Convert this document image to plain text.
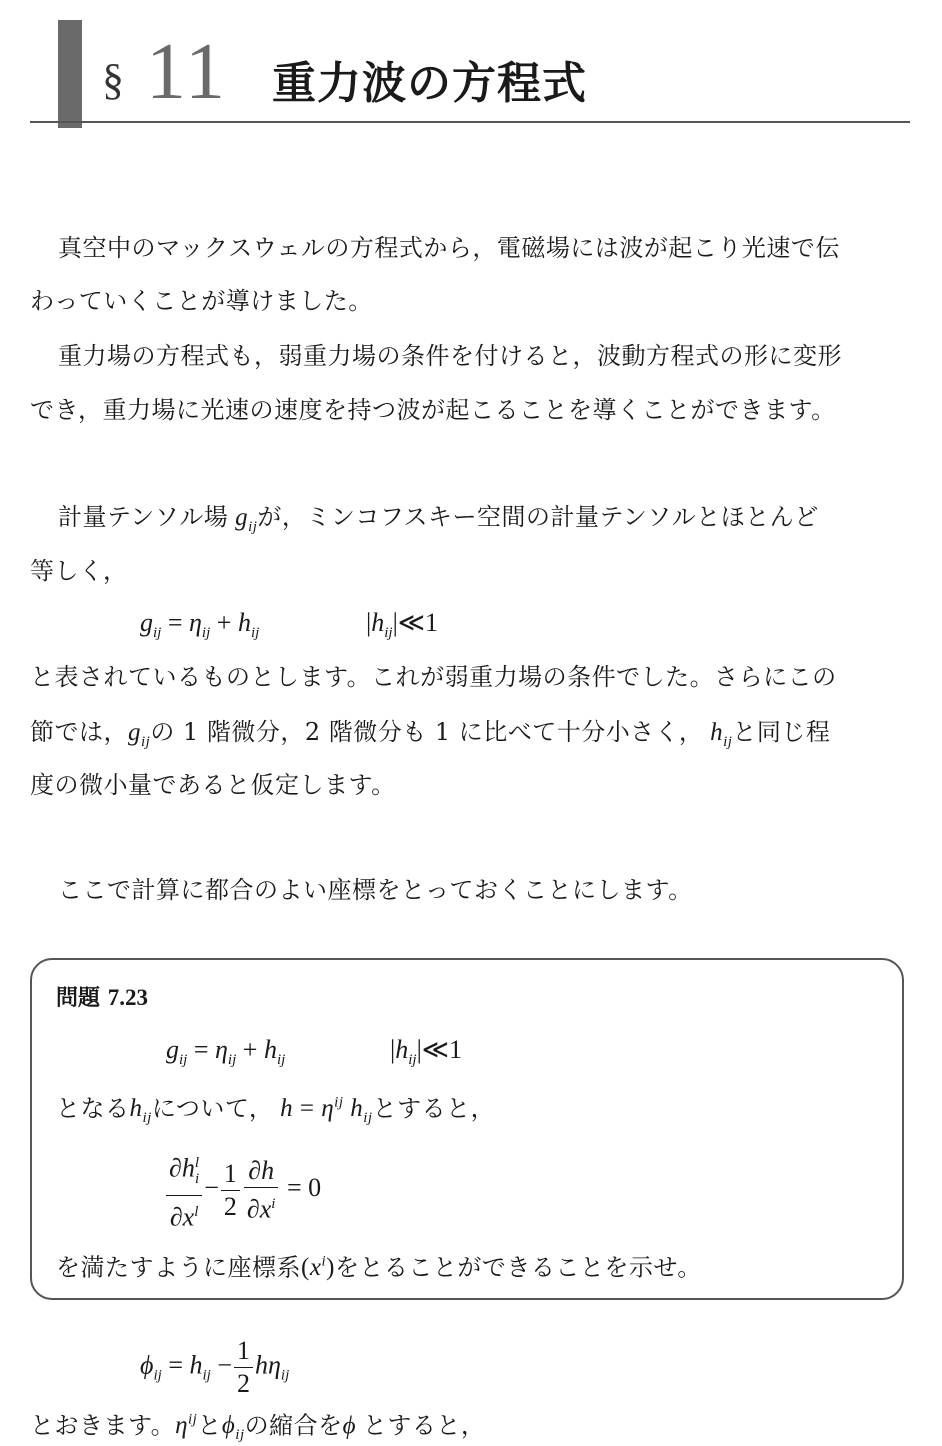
§ 11 重力波の方程式
真空中のマックスウェルの方程式から，電磁場には波が起こり光速で伝
わっていくことが導けました。
重力場の方程式も，弱重力場の条件を付けると，波動方程式の形に変形
でき，重力場に光速の速度を持つ波が起こることを導くことができます。
計量テンソル場 $g_{ij}$が，ミンコフスキー空間の計量テンソルとほとんど
等しく，
$g_{ij} = \eta_{ij} + h_{ij}$	$|h_{ij}|≪1$
と表されているものとします。これが弱重力場の条件でした。さらにこの
節では，$g_{ij}$の 1 階微分，2 階微分も 1 に比べて十分小さく， $h_{ij}$と同じ程
度の微小量であると仮定します。
ここで計算に都合のよい座標をとっておくことにします。
問題 7.23
$g_{ij} = \eta_{ij} + h_{ij}$	$|h_{ij}|≪1$
となる$h_{ij}$について， $h = \eta^{ij}$ $h_{ij}$とすると，
$\frac{\partial h^l_i}{\partial x^l} - \frac{1}{2} \frac{\partial h}{\partial x^i} = 0$
を満たすように座標系$(x^i)$をとることができることを示せ。
$\phi_{ij} = h_{ij} - \frac{1}{2} h\eta_{ij}$
とおきます。$\eta^{ij}$と$\phi_{ij}$の縮合をϕ とすると，
